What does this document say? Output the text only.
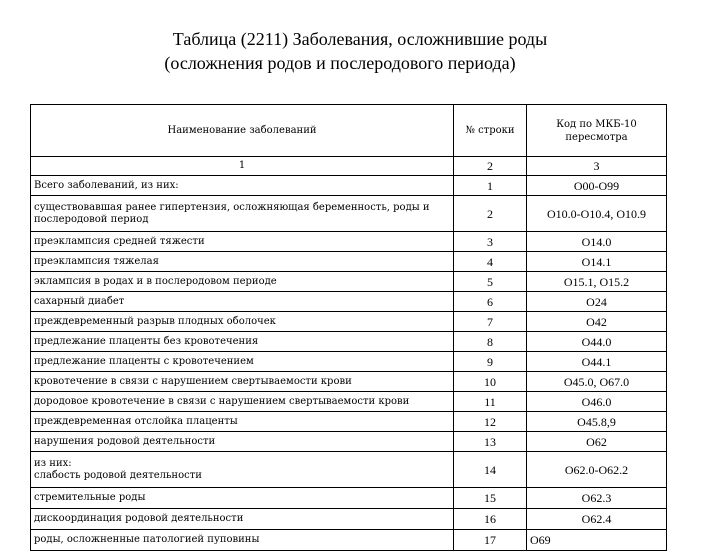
Таблица (2211) Заболевания, осложнившие роды
(осложнения родов и послеродового периода)
Наименование заболеваний	№ строки	Код по МКБ-10 пересмотра
1	2	3
Всего заболеваний, из них:	1	O00-O99
существовавшая ранее гипертензия, осложняющая беременность, роды и послеродовой период	2	O10.0-O10.4, O10.9
преэклампсия средней тяжести	3	O14.0
преэклампсия тяжелая	4	O14.1
эклампсия в родах и в послеродовом периоде	5	O15.1, O15.2
сахарный диабет	6	O24
преждевременный разрыв плодных оболочек	7	O42
предлежание плаценты без кровотечения	8	O44.0
предлежание плаценты с кровотечением	9	O44.1
кровотечение в связи с нарушением свертываемости крови	10	O45.0, O67.0
дородовое кровотечение в связи с нарушением свертываемости крови	11	O46.0
преждевременная отслойка плаценты	12	O45.8,9
нарушения родовой деятельности	13	O62

из них:
слабость родовой деятельности	14	O62.0-O62.2
стремительные роды	15	O62.3
дискоординация родовой деятельности	16	O62.4
роды, осложненные патологией пуповины	17	O69
